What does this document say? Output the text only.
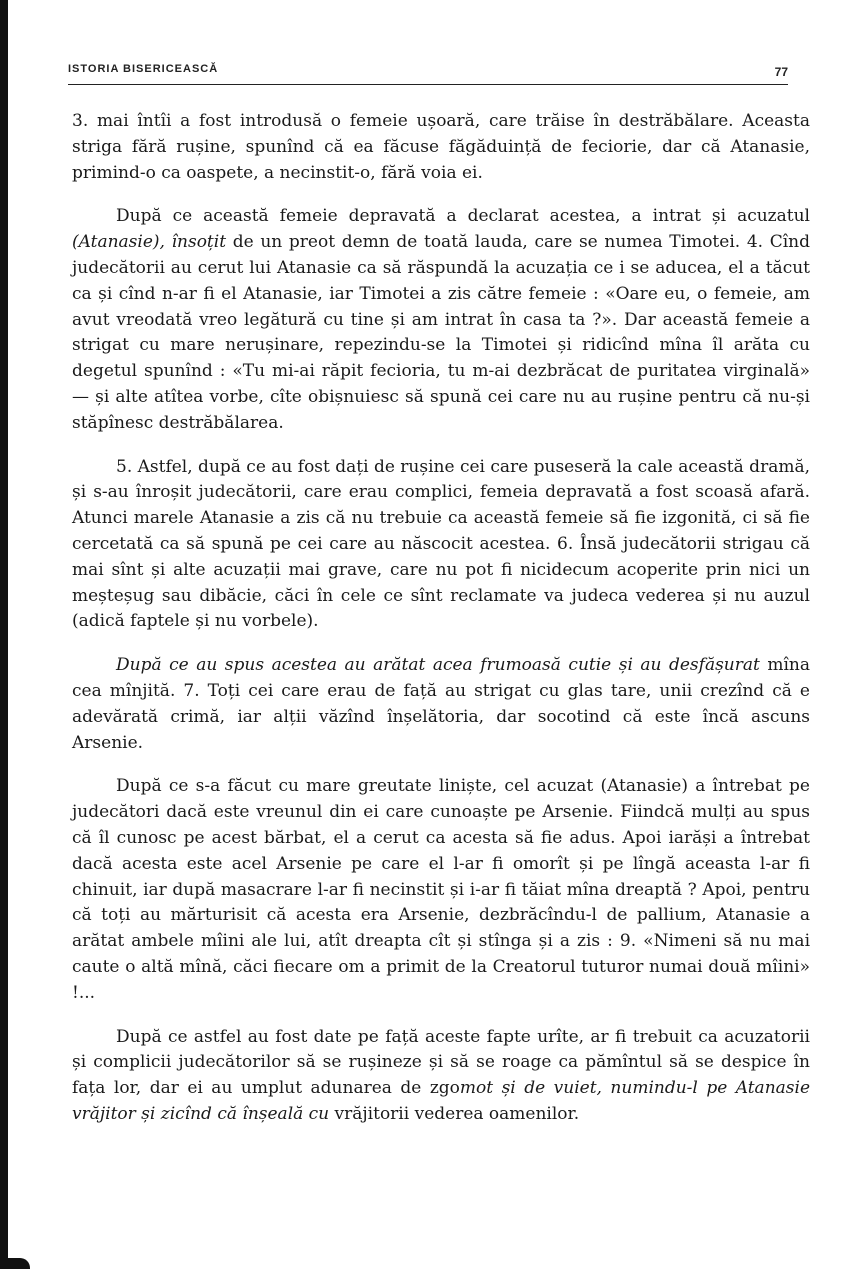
ISTORIA BISERICEASCĂ	77

3. mai întîi a fost introdusă o femeie ușoară, care trăise în destrăbălare. Aceasta striga fără rușine, spunînd că ea făcuse făgăduință de feciorie, dar că Atanasie, primind-o ca oaspete, a necinstit-o, fără voia ei.

După ce această femeie depravată a declarat acestea, a intrat și acuzatul (Atanasie), însoțit de un preot demn de toată lauda, care se numea Timotei. 4. Cînd judecătorii au cerut lui Atanasie ca să răspundă la acuzația ce i se aducea, el a tăcut ca și cînd n-ar fi el Atanasie, iar Timotei a zis către femeie : «Oare eu, o femeie, am avut vreodată vreo legătură cu tine și am intrat în casa ta ?». Dar această femeie a strigat cu mare nerușinare, repezindu-se la Timotei și ridicînd mîna îl arăta cu degetul spunînd : «Tu mi-ai răpit fecioria, tu m-ai dezbrăcat de puritatea virginală» — și alte atîtea vorbe, cîte obișnuiesc să spună cei care nu au rușine pentru că nu-și stăpînesc destrăbălarea.

5. Astfel, după ce au fost dați de rușine cei care puseseră la cale această dramă, și s-au înroșit judecătorii, care erau complici, femeia depravată a fost scoasă afară. Atunci marele Atanasie a zis că nu trebuie ca această femeie să fie izgonită, ci să fie cercetată ca să spună pe cei care au născocit acestea. 6. Însă judecătorii strigau că mai sînt și alte acuzații mai grave, care nu pot fi nicidecum acoperite prin nici un meșteșug sau dibăcie, căci în cele ce sînt reclamate va judeca vederea și nu auzul (adică faptele și nu vorbele).

După ce au spus acestea au arătat acea frumoasă cutie și au desfășurat mîna cea mînjită. 7. Toți cei care erau de față au strigat cu glas tare, unii crezînd că e adevărată crimă, iar alții văzînd înșelătoria, dar socotind că este încă ascuns Arsenie.

După ce s-a făcut cu mare greutate liniște, cel acuzat (Atanasie) a întrebat pe judecători dacă este vreunul din ei care cunoaște pe Arsenie. Fiindcă mulți au spus că îl cunosc pe acest bărbat, el a cerut ca acesta să fie adus. Apoi iarăși a întrebat dacă acesta este acel Arsenie pe care el l-ar fi omorît și pe lîngă aceasta l-ar fi chinuit, iar după masacrare l-ar fi necinstit și i-ar fi tăiat mîna dreaptă ? Apoi, pentru că toți au mărturisit că acesta era Arsenie, dezbrăcîndu-l de pallium, Atanasie a arătat ambele mîini ale lui, atît dreapta cît și stînga și a zis : 9. «Nimeni să nu mai caute o altă mînă, căci fiecare om a primit de la Creatorul tuturor numai două mîini» !...

După ce astfel au fost date pe față aceste fapte urîte, ar fi trebuit ca acuzatorii și complicii judecătorilor să se rușineze și să se roage ca pămîntul să se despice în fața lor, dar ei au umplut adunarea de zgomot și de vuiet, numindu-l pe Atanasie vrăjitor și zicînd că înșeală cu vrăjitorii vederea oamenilor.
